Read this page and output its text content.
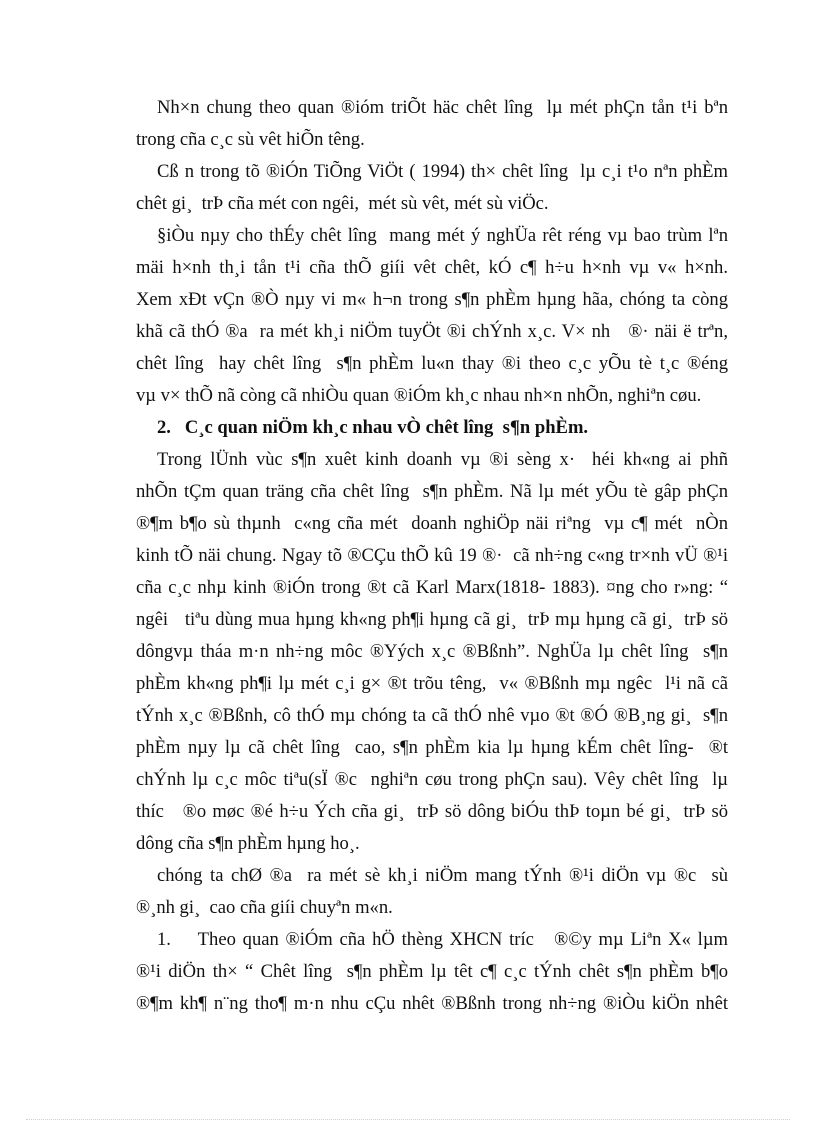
Nh×n chung theo quan ®ióm triÕt häc chêt lîng  lµ mét phÇn tån t¹i bªn
trong cña c¸c sù vêt hiÕn têng.
Cß n trong tõ ®iÓn TiÕng ViÖt ( 1994) th× chêt lîng  lµ c¸i t¹o nªn phÈm
chêt gi¸  trÞ cña mét con ngêi,  mét sù vêt, mét sù viÖc.
§iÒu nµy cho thÉy chêt lîng  mang mét ý nghÜa rêt réng vµ bao trùm lªn
mäi h×nh th¸i tån t¹i cña thÕ giíi vêt chêt, kÓ c¶ h÷u h×nh vµ v« h×nh.
Xem xÐt vÇn ®Ò nµy vi m« h¬n trong s¶n phÈm hµng hãa, chóng ta còng
khã cã thÓ ®a  ra mét kh¸i niÖm tuyÖt ®i chÝnh x¸c. V× nh   ®· näi ë trªn,
chêt lîng  hay chêt lîng  s¶n phÈm lu«n thay ®i theo c¸c yÕu tè t¸c ®éng
vµ v× thÕ nã còng cã nhiÒu quan ®iÓm kh¸c nhau nh×n nhÕn, nghiªn cøu.
2.   C¸c quan niÖm kh¸c nhau vÒ chêt lîng  s¶n phÈm.
Trong lÜnh vùc s¶n xuêt kinh doanh vµ ®i sèng x·  héi kh«ng ai phñ
nhÕn tÇm quan träng cña chêt lîng  s¶n phÈm. Nã lµ mét yÕu tè gâp phÇn
®¶m b¶o sù thµnh  c«ng cña mét  doanh nghiÖp näi riªng  vµ c¶ mét  nÒn
kinh tÕ näi chung. Ngay tõ ®CÇu thÕ kû 19 ®·  cã nh÷ng c«ng tr×nh vÜ ®¹i
cña c¸c nhµ kinh ®iÓn trong ®t cã Karl Marx(1818- 1883). ¤ng cho r»ng: “
ngêi   tiªu dùng mua hµng kh«ng ph¶i hµng cã gi¸  trÞ mµ hµng cã gi¸  trÞ sö
dôngvµ tháa m·n nh÷ng môc ®Yých x¸c ®Bßnh”. NghÜa lµ chêt lîng  s¶n
phÈm kh«ng ph¶i lµ mét c¸i g× ®t trõu têng,  v« ®Bßnh mµ ngêc  l¹i nã cã
tÝnh x¸c ®Bßnh, cô thÓ mµ chóng ta cã thÓ nhê vµo ®t ®Ó ®B¸ng gi¸  s¶n
phÈm nµy lµ cã chêt lîng  cao, s¶n phÈm kia lµ hµng kÉm chêt lîng-  ®t
chÝnh lµ c¸c môc tiªu(sÏ ®c  nghiªn cøu trong phÇn sau). Vêy chêt lîng  lµ
thíc   ®o møc ®é h÷u Ých cña gi¸  trÞ sö dông biÓu thÞ toµn bé gi¸  trÞ sö
dông cña s¶n phÈm hµng ho¸.
chóng ta chØ ®a  ra mét sè kh¸i niÖm mang tÝnh ®¹i diÖn vµ ®c  sù
®¸nh gi¸  cao cña giíi chuyªn m«n.
1.    Theo quan ®iÓm cña hÖ thèng XHCN tríc   ®©y mµ Liªn X« lµm
®¹i diÖn th× “ Chêt lîng  s¶n phÈm lµ têt c¶ c¸c tÝnh chêt s¶n phÈm b¶o
®¶m kh¶ n¨ng tho¶ m·n nhu cÇu nhêt ®Bßnh trong nh÷ng ®iÒu kiÖn nhêt
